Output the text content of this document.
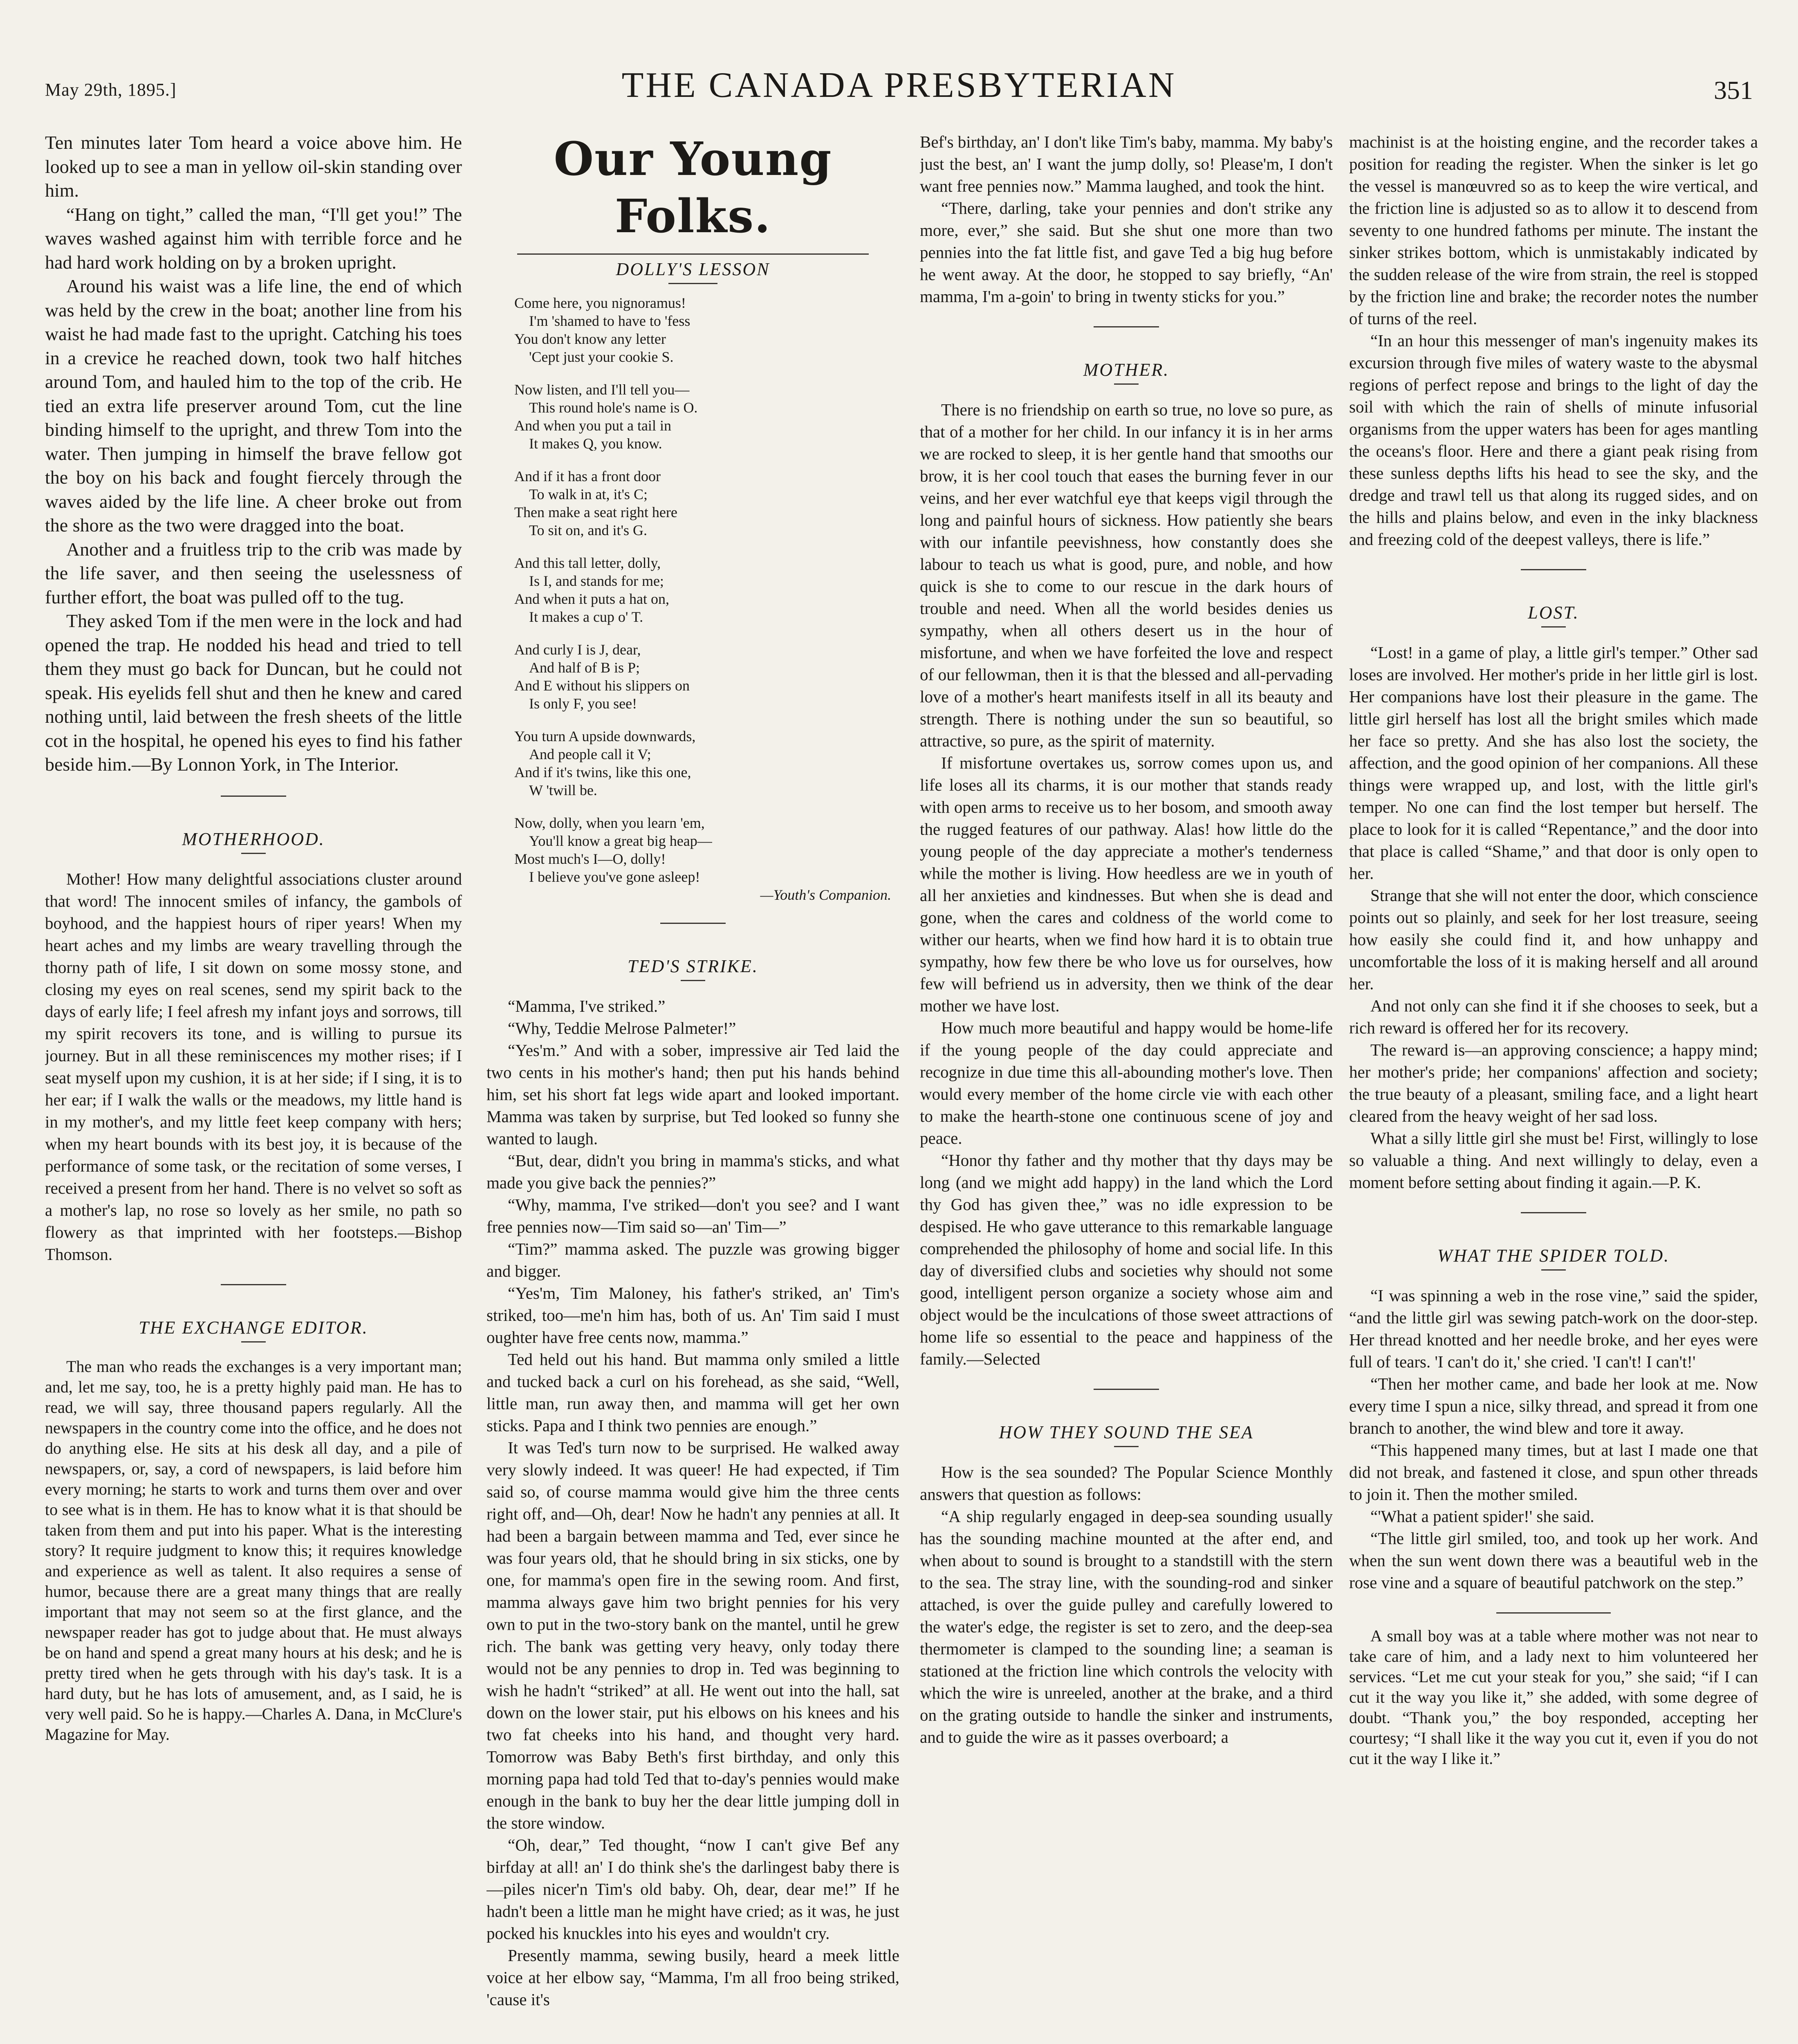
May 29th, 1895.]	THE CANADA PRESBYTERIAN	351

Ten minutes later Tom heard a voice above him. He looked up to see a man in yellow oil-skin standing over him.

“Hang on tight,” called the man, “I'll get you!” The waves washed against him with terrible force and he had hard work holding on by a broken upright.

Around his waist was a life line, the end of which was held by the crew in the boat; another line from his waist he had made fast to the upright. Catching his toes in a crevice he reached down, took two half hitches around Tom, and hauled him to the top of the crib. He tied an extra life preserver around Tom, cut the line binding himself to the upright, and threw Tom into the water. Then jumping in himself the brave fellow got the boy on his back and fought fiercely through the waves aided by the life line. A cheer broke out from the shore as the two were dragged into the boat.

Another and a fruitless trip to the crib was made by the life saver, and then seeing the uselessness of further effort, the boat was pulled off to the tug.

They asked Tom if the men were in the lock and had opened the trap. He nodded his head and tried to tell them they must go back for Duncan, but he could not speak. His eyelids fell shut and then he knew and cared nothing until, laid between the fresh sheets of the little cot in the hospital, he opened his eyes to find his father beside him.—By Lonnon York, in The Interior.

MOTHERHOOD.

Mother! How many delightful associations cluster around that word! The innocent smiles of infancy, the gambols of boyhood, and the happiest hours of riper years! When my heart aches and my limbs are weary travelling through the thorny path of life, I sit down on some mossy stone, and closing my eyes on real scenes, send my spirit back to the days of early life; I feel afresh my infant joys and sorrows, till my spirit recovers its tone, and is willing to pursue its journey. But in all these reminiscences my mother rises; if I seat myself upon my cushion, it is at her side; if I sing, it is to her ear; if I walk the walls or the meadows, my little hand is in my mother's, and my little feet keep company with hers; when my heart bounds with its best joy, it is because of the performance of some task, or the recitation of some verses, I received a present from her hand. There is no velvet so soft as a mother's lap, no rose so lovely as her smile, no path so flowery as that imprinted with her footsteps.—Bishop Thomson.

THE EXCHANGE EDITOR.

The man who reads the exchanges is a very important man; and, let me say, too, he is a pretty highly paid man. He has to read, we will say, three thousand papers regularly. All the newspapers in the country come into the office, and he does not do anything else. He sits at his desk all day, and a pile of newspapers, or, say, a cord of newspapers, is laid before him every morning; he starts to work and turns them over and over to see what is in them. He has to know what it is that should be taken from them and put into his paper. What is the interesting story? It require judgment to know this; it requires knowledge and experience as well as talent. It also requires a sense of humor, because there are a great many things that are really important that may not seem so at the first glance, and the newspaper reader has got to judge about that. He must always be on hand and spend a great many hours at his desk; and he is pretty tired when he gets through with his day's task. It is a hard duty, but he has lots of amusement, and, as I said, he is very well paid. So he is happy.—Charles A. Dana, in McClure's Magazine for May.

Our Young Folks.
DOLLY'S LESSON
Come here, you nignoramus!
I'm 'shamed to have to 'fess
You don't know any letter
'Cept just your cookie S.
Now listen, and I'll tell you—
This round hole's name is O.
And when you put a tail in
It makes Q, you know.
And if it has a front door
To walk in at, it's C;
Then make a seat right here
To sit on, and it's G.
And this tall letter, dolly,
Is I, and stands for me;
And when it puts a hat on,
It makes a cup o' T.
And curly I is J, dear,
And half of B is P;
And E without his slippers on
Is only F, you see!
You turn A upside downwards,
And people call it V;
And if it's twins, like this one,
W 'twill be.
Now, dolly, when you learn 'em,
You'll know a great big heap—
Most much's I—O, dolly!
I believe you've gone asleep!
—Youth's Companion.
TED'S STRIKE.

“Mamma, I've striked.”

“Why, Teddie Melrose Palmeter!”

“Yes'm.” And with a sober, impressive air Ted laid the two cents in his mother's hand; then put his hands behind him, set his short fat legs wide apart and looked important. Mamma was taken by surprise, but Ted looked so funny she wanted to laugh.

“But, dear, didn't you bring in mamma's sticks, and what made you give back the pennies?”

“Why, mamma, I've striked—don't you see? and I want free pennies now—Tim said so—an' Tim—”

“Tim?” mamma asked. The puzzle was growing bigger and bigger.

“Yes'm, Tim Maloney, his father's striked, an' Tim's striked, too—me'n him has, both of us. An' Tim said I must oughter have free cents now, mamma.”

Ted held out his hand. But mamma only smiled a little and tucked back a curl on his forehead, as she said, “Well, little man, run away then, and mamma will get her own sticks. Papa and I think two pennies are enough.”

It was Ted's turn now to be surprised. He walked away very slowly indeed. It was queer! He had expected, if Tim said so, of course mamma would give him the three cents right off, and—Oh, dear! Now he hadn't any pennies at all. It had been a bargain between mamma and Ted, ever since he was four years old, that he should bring in six sticks, one by one, for mamma's open fire in the sewing room. And first, mamma always gave him two bright pennies for his very own to put in the two-story bank on the mantel, until he grew rich. The bank was getting very heavy, only today there would not be any pennies to drop in. Ted was beginning to wish he hadn't “striked” at all. He went out into the hall, sat down on the lower stair, put his elbows on his knees and his two fat cheeks into his hand, and thought very hard. Tomorrow was Baby Beth's first birthday, and only this morning papa had told Ted that to-day's pennies would make enough in the bank to buy her the dear little jumping doll in the store window.

“Oh, dear,” Ted thought, “now I can't give Bef any birfday at all! an' I do think she's the darlingest baby there is—piles nicer'n Tim's old baby. Oh, dear, dear me!” If he hadn't been a little man he might have cried; as it was, he just pocked his knuckles into his eyes and wouldn't cry.

Presently mamma, sewing busily, heard a meek little voice at her elbow say, “Mamma, I'm all froo being striked, 'cause it's

Bef's birthday, an' I don't like Tim's baby, mamma. My baby's just the best, an' I want the jump dolly, so! Please'm, I don't want free pennies now.” Mamma laughed, and took the hint.

“There, darling, take your pennies and don't strike any more, ever,” she said. But she shut one more than two pennies into the fat little fist, and gave Ted a big hug before he went away. At the door, he stopped to say briefly, “An' mamma, I'm a-goin' to bring in twenty sticks for you.”

MOTHER.

There is no friendship on earth so true, no love so pure, as that of a mother for her child. In our infancy it is in her arms we are rocked to sleep, it is her gentle hand that smooths our brow, it is her cool touch that eases the burning fever in our veins, and her ever watchful eye that keeps vigil through the long and painful hours of sickness. How patiently she bears with our infantile peevishness, how constantly does she labour to teach us what is good, pure, and noble, and how quick is she to come to our rescue in the dark hours of trouble and need. When all the world besides denies us sympathy, when all others desert us in the hour of misfortune, and when we have forfeited the love and respect of our fellowman, then it is that the blessed and all-pervading love of a mother's heart manifests itself in all its beauty and strength. There is nothing under the sun so beautiful, so attractive, so pure, as the spirit of maternity.

If misfortune overtakes us, sorrow comes upon us, and life loses all its charms, it is our mother that stands ready with open arms to receive us to her bosom, and smooth away the rugged features of our pathway. Alas! how little do the young people of the day appreciate a mother's tenderness while the mother is living. How heedless are we in youth of all her anxieties and kindnesses. But when she is dead and gone, when the cares and coldness of the world come to wither our hearts, when we find how hard it is to obtain true sympathy, how few there be who love us for ourselves, how few will befriend us in adversity, then we think of the dear mother we have lost.

How much more beautiful and happy would be home-life if the young people of the day could appreciate and recognize in due time this all-abounding mother's love. Then would every member of the home circle vie with each other to make the hearth-stone one continuous scene of joy and peace.

“Honor thy father and thy mother that thy days may be long (and we might add happy) in the land which the Lord thy God has given thee,” was no idle expression to be despised. He who gave utterance to this remarkable language comprehended the philosophy of home and social life. In this day of diversified clubs and societies why should not some good, intelligent person organize a society whose aim and object would be the inculcations of those sweet attractions of home life so essential to the peace and happiness of the family.—Selected

HOW THEY SOUND THE SEA

How is the sea sounded? The Popular Science Monthly answers that question as follows:

“A ship regularly engaged in deep-sea sounding usually has the sounding machine mounted at the after end, and when about to sound is brought to a standstill with the stern to the sea. The stray line, with the sounding-rod and sinker attached, is over the guide pulley and carefully lowered to the water's edge, the register is set to zero, and the deep-sea thermometer is clamped to the sounding line; a seaman is stationed at the friction line which controls the velocity with which the wire is unreeled, another at the brake, and a third on the grating outside to handle the sinker and instruments, and to guide the wire as it passes overboard; a

machinist is at the hoisting engine, and the recorder takes a position for reading the register. When the sinker is let go the vessel is manœuvred so as to keep the wire vertical, and the friction line is adjusted so as to allow it to descend from seventy to one hundred fathoms per minute. The instant the sinker strikes bottom, which is unmistakably indicated by the sudden release of the wire from strain, the reel is stopped by the friction line and brake; the recorder notes the number of turns of the reel.

“In an hour this messenger of man's ingenuity makes its excursion through five miles of watery waste to the abysmal regions of perfect repose and brings to the light of day the soil with which the rain of shells of minute infusorial organisms from the upper waters has been for ages mantling the oceans's floor. Here and there a giant peak rising from these sunless depths lifts his head to see the sky, and the dredge and trawl tell us that along its rugged sides, and on the hills and plains below, and even in the inky blackness and freezing cold of the deepest valleys, there is life.”

LOST.

“Lost! in a game of play, a little girl's temper.” Other sad loses are involved. Her mother's pride in her little girl is lost. Her companions have lost their pleasure in the game. The little girl herself has lost all the bright smiles which made her face so pretty. And she has also lost the society, the affection, and the good opinion of her companions. All these things were wrapped up, and lost, with the little girl's temper. No one can find the lost temper but herself. The place to look for it is called “Repentance,” and the door into that place is called “Shame,” and that door is only open to her.

Strange that she will not enter the door, which conscience points out so plainly, and seek for her lost treasure, seeing how easily she could find it, and how unhappy and uncomfortable the loss of it is making herself and all around her.

And not only can she find it if she chooses to seek, but a rich reward is offered her for its recovery.

The reward is—an approving conscience; a happy mind; her mother's pride; her companions' affection and society; the true beauty of a pleasant, smiling face, and a light heart cleared from the heavy weight of her sad loss.

What a silly little girl she must be! First, willingly to lose so valuable a thing. And next willingly to delay, even a moment before setting about finding it again.—P. K.

WHAT THE SPIDER TOLD.

“I was spinning a web in the rose vine,” said the spider, “and the little girl was sewing patch-work on the door-step. Her thread knotted and her needle broke, and her eyes were full of tears. 'I can't do it,' she cried. 'I can't! I can't!'

“Then her mother came, and bade her look at me. Now every time I spun a nice, silky thread, and spread it from one branch to another, the wind blew and tore it away.

“This happened many times, but at last I made one that did not break, and fastened it close, and spun other threads to join it. Then the mother smiled.

“'What a patient spider!' she said.

“The little girl smiled, too, and took up her work. And when the sun went down there was a beautiful web in the rose vine and a square of beautiful patchwork on the step.”

A small boy was at a table where mother was not near to take care of him, and a lady next to him volunteered her services. “Let me cut your steak for you,” she said; “if I can cut it the way you like it,” she added, with some degree of doubt. “Thank you,” the boy responded, accepting her courtesy; “I shall like it the way you cut it, even if you do not cut it the way I like it.”
